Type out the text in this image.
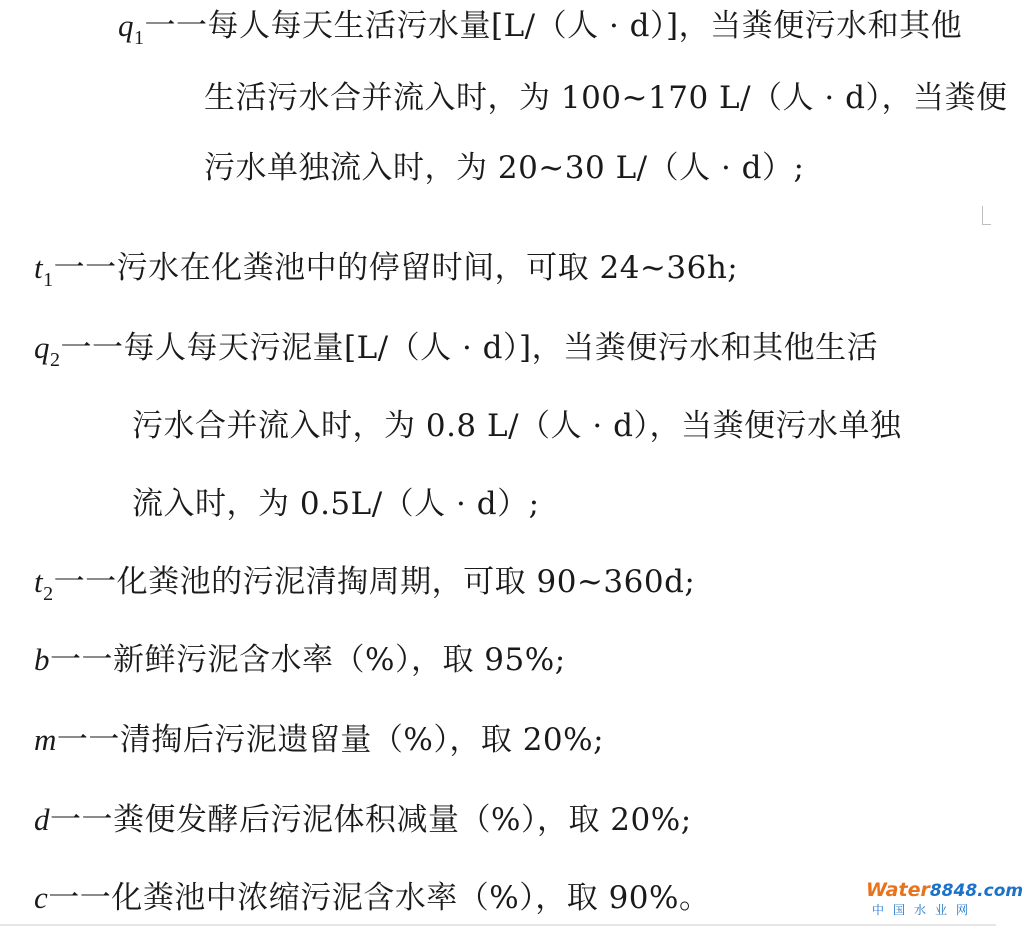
$q_1$一一每人每天生活污水量[L/（人 · d）]，当粪便污水和其他
生活污水合并流入时，为 100~170 L/（人 · d），当粪便
污水单独流入时，为 20~30 L/（人 · d）;
$t_1$一一污水在化粪池中的停留时间，可取 24~36h;
$q_2$一一每人每天污泥量[L/（人 · d）]，当粪便污水和其他生活
污水合并流入时，为 0.8 L/（人 · d），当粪便污水单独
流入时，为 0.5L/（人 · d）;
$t_2$一一化粪池的污泥清掏周期，可取 90~360d;
b一一新鲜污泥含水率（%），取 95%;
m一一清掏后污泥遗留量（%），取 20%;
d一一粪便发酵后污泥体积减量（%），取 20%;
c一一化粪池中浓缩污泥含水率（%），取 90%。	Water8848.com
中国水业网
